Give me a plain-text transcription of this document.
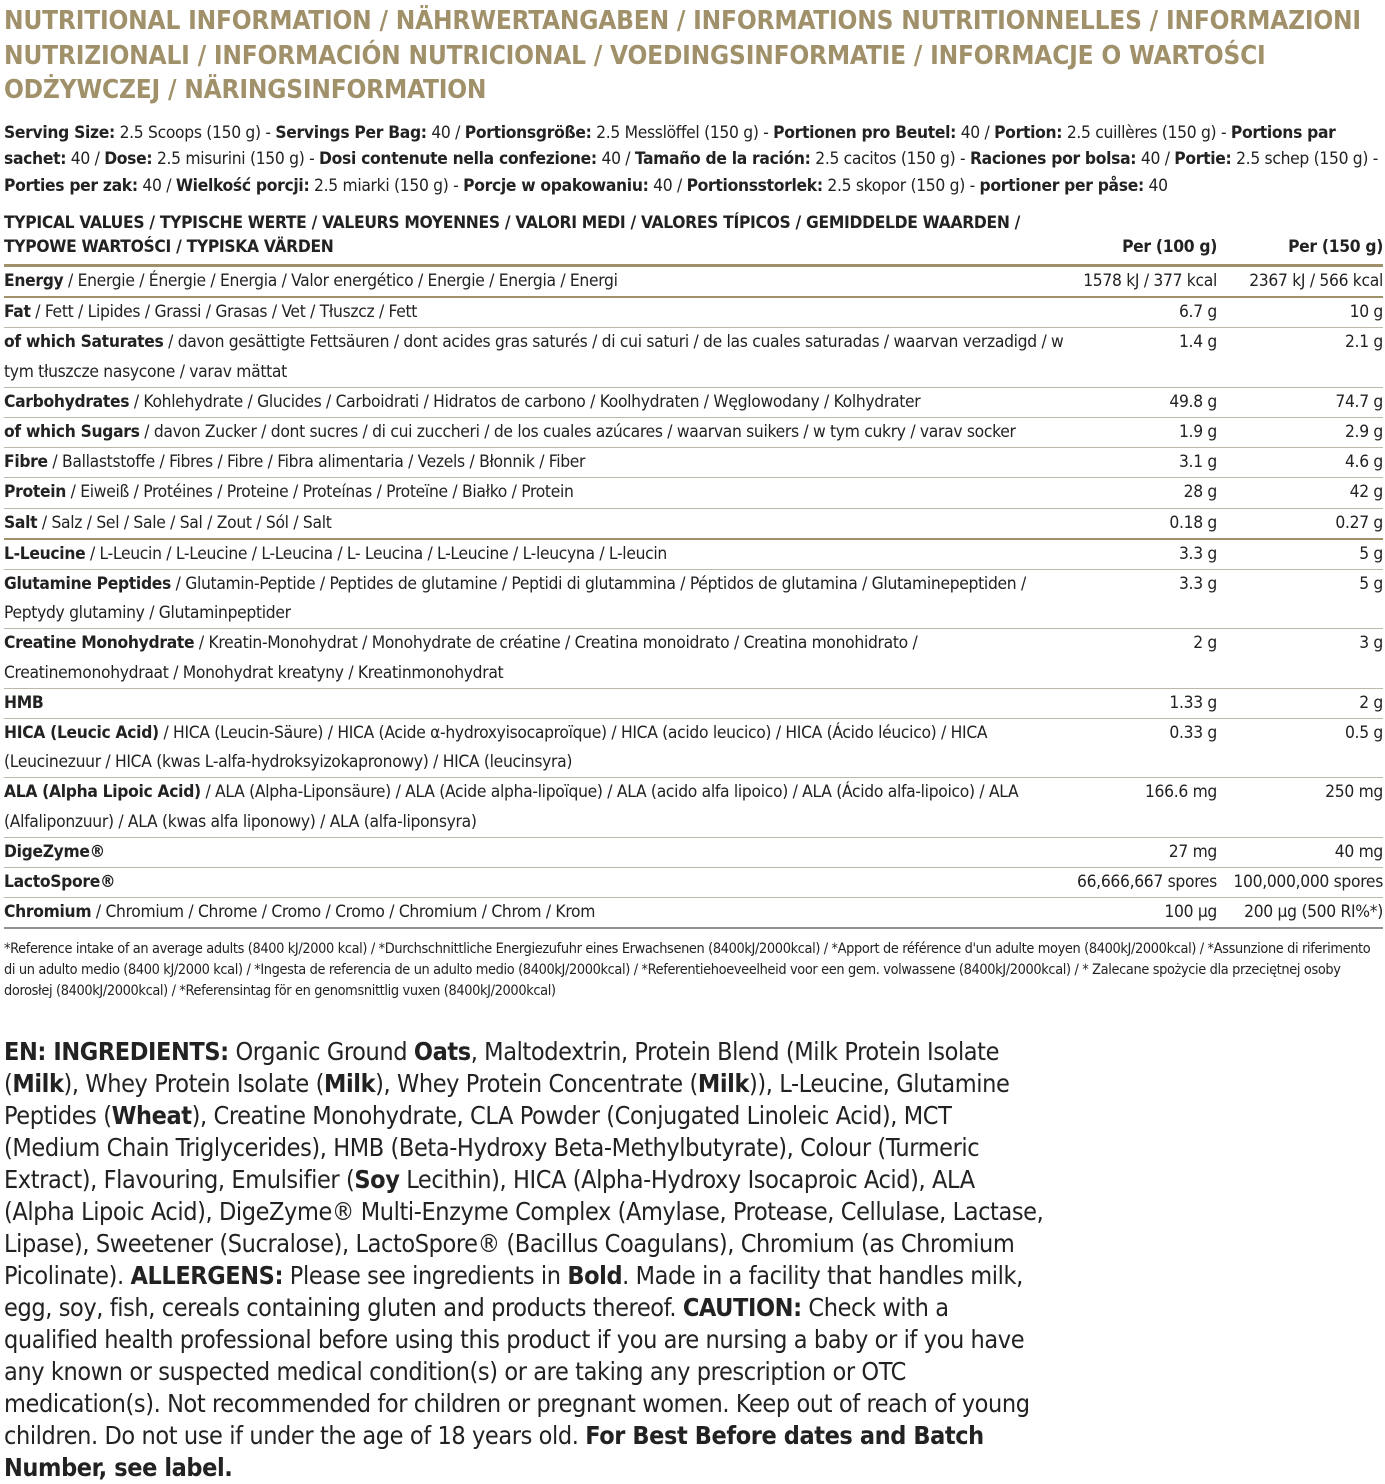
NUTRITIONAL INFORMATION / NÄHRWERTANGABEN / INFORMATIONS NUTRITIONNELLES / INFORMAZIONI NUTRIZIONALI / INFORMACIÓN NUTRICIONAL / VOEDINGSINFORMATIE / INFORMACJE O WARTOŚCI ODŻYWCZEJ / NÄRINGSINFORMATION
Serving Size: 2.5 Scoops (150 g) - Servings Per Bag: 40 / Portionsgröße: 2.5 Messlöffel (150 g) - Portionen pro Beutel: 40 / Portion: 2.5 cuillères (150 g) - Portions par sachet: 40 / Dose: 2.5 misurini (150 g) - Dosi contenute nella confezione: 40 / Tamaño de la ración: 2.5 cacitos (150 g) - Raciones por bolsa: 40 / Portie: 2.5 schep (150 g) - Porties per zak: 40 / Wielkość porcji: 2.5 miarki (150 g) - Porcje w opakowaniu: 40 / Portionsstorlek: 2.5 skopor (150 g) - portioner per påse: 40
TYPICAL VALUES / TYPISCHE WERTE / VALEURS MOYENNES / VALORI MEDI / VALORES TÍPICOS / GEMIDDELDE WAARDEN / TYPOWE WARTOŚCI / TYPISKA VÄRDEN	Per (100 g)	Per (150 g)
Energy / Energie / Énergie / Energia / Valor energético / Energie / Energia / Energi	1578 kJ / 377 kcal	2367 kJ / 566 kcal
Fat / Fett / Lipides / Grassi / Grasas / Vet / Tłuszcz / Fett	6.7 g	10 g
of which Saturates / davon gesättigte Fettsäuren / dont acides gras saturés / di cui saturi / de las cuales saturadas / waarvan verzadigd / w tym tłuszcze nasycone / varav mättat	1.4 g	2.1 g
Carbohydrates / Kohlehydrate / Glucides / Carboidrati / Hidratos de carbono / Koolhydraten / Węglowodany / Kolhydrater	49.8 g	74.7 g
of which Sugars / davon Zucker / dont sucres / di cui zuccheri / de los cuales azúcares / waarvan suikers / w tym cukry / varav socker	1.9 g	2.9 g
Fibre / Ballaststoffe / Fibres / Fibre / Fibra alimentaria / Vezels / Błonnik / Fiber	3.1 g	4.6 g
Protein / Eiweiß / Protéines / Proteine / Proteínas / Proteïne / Białko / Protein	28 g	42 g
Salt / Salz / Sel / Sale / Sal / Zout / Sól / Salt	0.18 g	0.27 g
L-Leucine / L-Leucin / L-Leucine / L-Leucina / L- Leucina / L-Leucine / L-leucyna / L-leucin	3.3 g	5 g
Glutamine Peptides / Glutamin-Peptide / Peptides de glutamine / Peptidi di glutammina / Péptidos de glutamina / Glutaminepeptiden / Peptydy glutaminy / Glutaminpeptider	3.3 g	5 g
Creatine Monohydrate / Kreatin-Monohydrat / Monohydrate de créatine / Creatina monoidrato / Creatina monohidrato / Creatinemonohydraat / Monohydrat kreatyny / Kreatinmonohydrat	2 g	3 g
HMB	1.33 g	2 g
HICA (Leucic Acid) / HICA (Leucin-Säure) / HICA (Acide α-hydroxyisocaproïque) / HICA (acido leucico) / HICA (Ácido léucico) / HICA (Leucinezuur / HICA (kwas L-alfa-hydroksyizokapronowy) / HICA (leucinsyra)	0.33 g	0.5 g
ALA (Alpha Lipoic Acid) / ALA (Alpha-Liponsäure) / ALA (Acide alpha-lipoïque) / ALA (acido alfa lipoico) / ALA (Ácido alfa-lipoico) / ALA (Alfaliponzuur) / ALA (kwas alfa liponowy) / ALA (alfa-liponsyra)	166.6 mg	250 mg
DigeZyme®	27 mg	40 mg
LactoSpore®	66,666,667 spores	100,000,000 spores
Chromium / Chromium / Chrome / Cromo / Cromo / Chromium / Chrom / Krom	100 µg	200 µg (500 RI%*)
*Reference intake of an average adults (8400 kJ/2000 kcal) / *Durchschnittliche Energiezufuhr eines Erwachsenen (8400kJ/2000kcal) / *Apport de référence d'un adulte moyen (8400kJ/2000kcal) / *Assunzione di riferimento di un adulto medio (8400 kJ/2000 kcal) / *Ingesta de referencia de un adulto medio (8400kJ/2000kcal) / *Referentiehoeveelheid voor een gem. volwassene (8400kJ/2000kcal) / * Zalecane spożycie dla przeciętnej osoby dorosłej (8400kJ/2000kcal) / *Referensintag för en genomsnittlig vuxen (8400kJ/2000kcal)
EN: INGREDIENTS: Organic Ground Oats, Maltodextrin, Protein Blend (Milk Protein Isolate (Milk), Whey Protein Isolate (Milk), Whey Protein Concentrate (Milk)), L-Leucine, Glutamine Peptides (Wheat), Creatine Monohydrate, CLA Powder (Conjugated Linoleic Acid), MCT (Medium Chain Triglycerides), HMB (Beta-Hydroxy Beta-Methylbutyrate), Colour (Turmeric Extract), Flavouring, Emulsifier (Soy Lecithin), HICA (Alpha-Hydroxy Isocaproic Acid), ALA (Alpha Lipoic Acid), DigeZyme® Multi-Enzyme Complex (Amylase, Protease, Cellulase, Lactase, Lipase), Sweetener (Sucralose), LactoSpore® (Bacillus Coagulans), Chromium (as Chromium Picolinate). ALLERGENS: Please see ingredients in Bold. Made in a facility that handles milk, egg, soy, fish, cereals containing gluten and products thereof. CAUTION: Check with a qualified health professional before using this product if you are nursing a baby or if you have any known or suspected medical condition(s) or are taking any prescription or OTC medication(s). Not recommended for children or pregnant women. Keep out of reach of young children. Do not use if under the age of 18 years old. For Best Before dates and Batch Number, see label.
